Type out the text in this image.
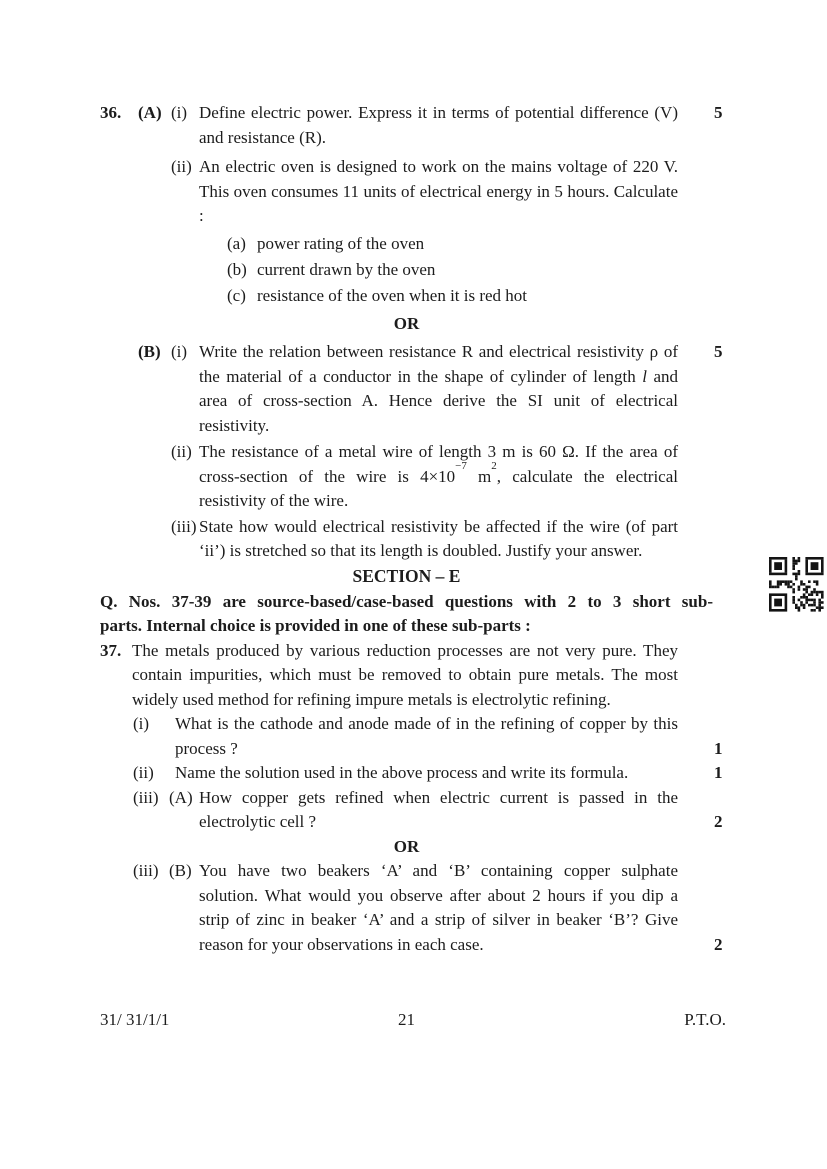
36. (A) (i) Define electric power. Express it in terms of potential difference (V) and resistance (R).
5
(ii) An electric oven is designed to work on the mains voltage of 220 V. This oven consumes 11 units of electrical energy in 5 hours. Calculate :
(a) power rating of the oven
(b) current drawn by the oven
(c) resistance of the oven when it is red hot
OR
(B) (i) Write the relation between resistance R and electrical resistivity ρ of the material of a conductor in the shape of cylinder of length l and area of cross-section A. Hence derive the SI unit of electrical resistivity.
5
(ii) The resistance of a metal wire of length 3 m is 60 Ω. If the area of cross-section of the wire is $4\times 10^{-7}$ $m^2$, calculate the electrical resistivity of the wire.
(iii) State how would electrical resistivity be affected if the wire (of part ‘ii’) is stretched so that its length is doubled. Justify your answer.
SECTION – E
Q. Nos. 37-39 are source-based/case-based questions with 2 to 3 short sub-
parts. Internal choice is provided in one of these sub-parts :
37. The metals produced by various reduction processes are not very pure. They contain impurities, which must be removed to obtain pure metals. The most widely used method for refining impure metals is electrolytic refining.
(i)	What is the cathode and anode made of in the refining of copper by this process ?	1
(ii)	Name the solution used in the above process and write its formula.	1
(iii) (A) How copper gets refined when electric current is passed in the electrolytic cell ?	2
OR
(iii) (B) You have two beakers ‘A’ and ‘B’ containing copper sulphate solution. What would you observe after about 2 hours if you dip a strip of zinc in beaker ‘A’ and a strip of silver in beaker ‘B’? Give reason for your observations in each case.	2
31/ 31/1/1	21	P.T.O.
